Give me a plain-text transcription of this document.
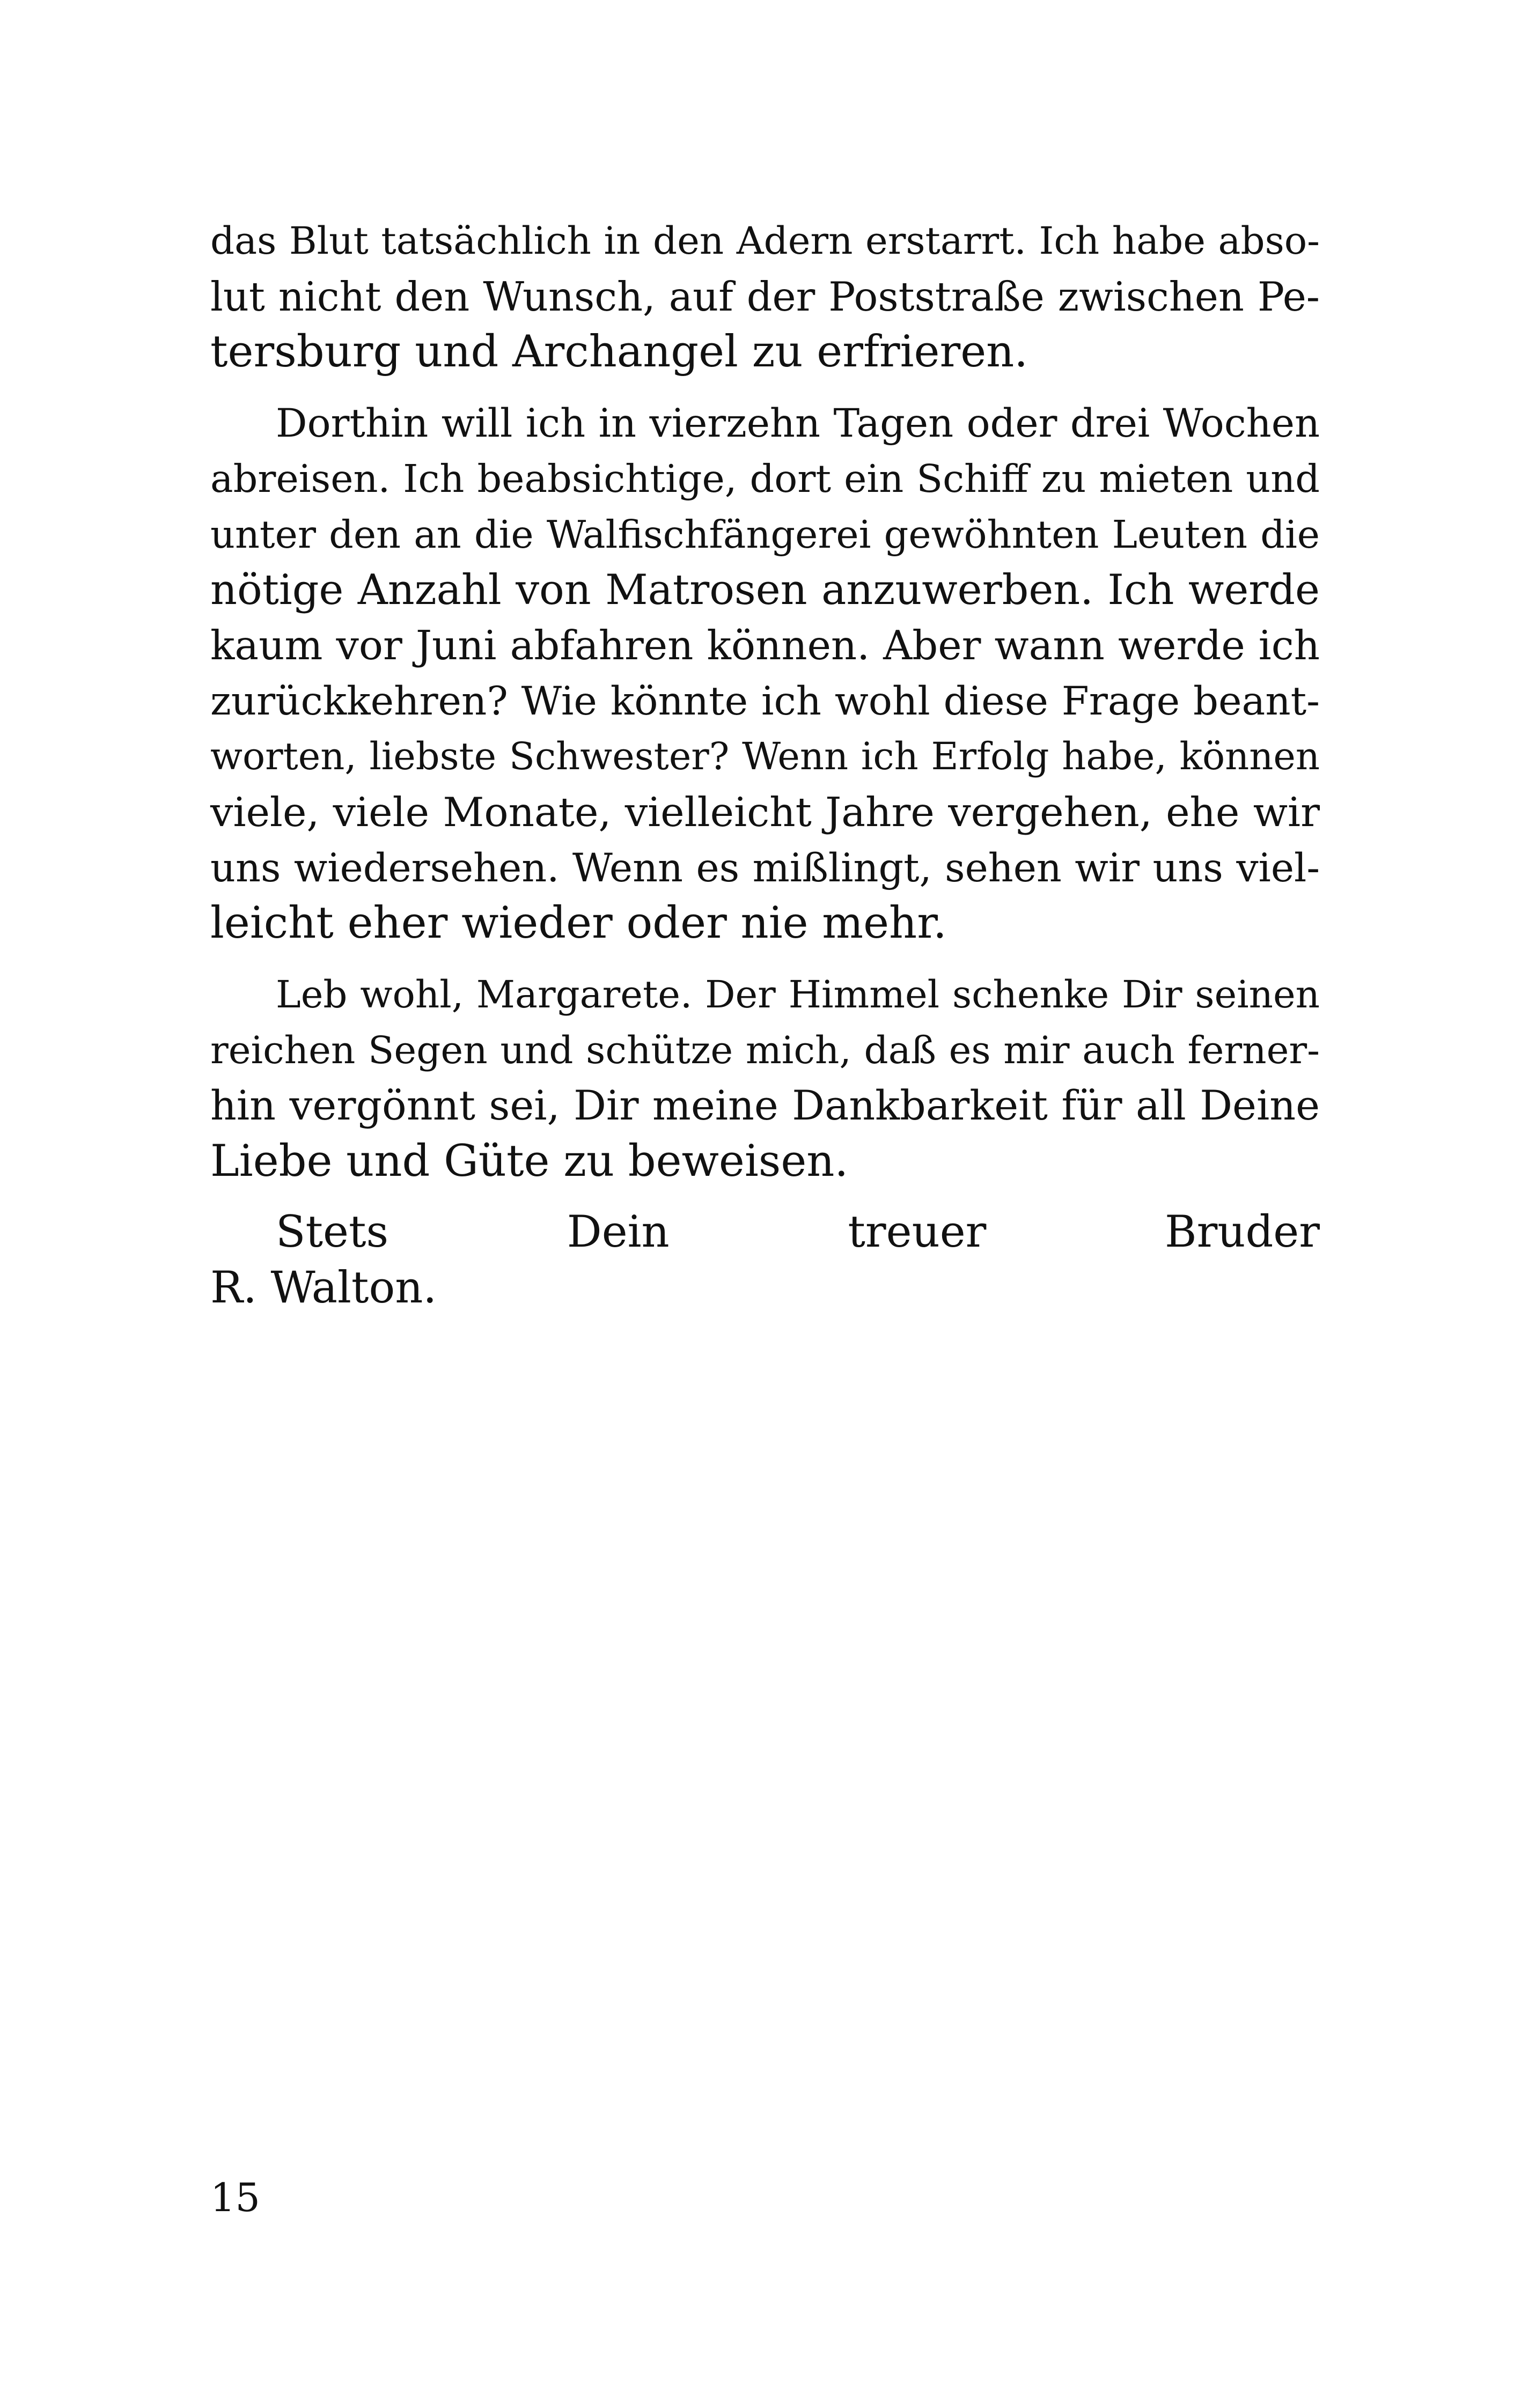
das Blut tatsächlich in den Adern erstarrt. Ich habe abso-
lut nicht den Wunsch, auf der Poststraße zwischen Pe-
tersburg und Archangel zu erfrieren.
Dorthin will ich in vierzehn Tagen oder drei Wochen
abreisen. Ich beabsichtige, dort ein Schiff zu mieten und
unter den an die Walfischfängerei gewöhnten Leuten die
nötige Anzahl von Matrosen anzuwerben. Ich werde
kaum vor Juni abfahren können. Aber wann werde ich
zurückkehren? Wie könnte ich wohl diese Frage beant-
worten, liebste Schwester? Wenn ich Erfolg habe, können
viele, viele Monate, vielleicht Jahre vergehen, ehe wir
uns wiedersehen. Wenn es mißlingt, sehen wir uns viel-
leicht eher wieder oder nie mehr.
Leb wohl, Margarete. Der Himmel schenke Dir seinen
reichen Segen und schütze mich, daß es mir auch ferner-
hin vergönnt sei, Dir meine Dankbarkeit für all Deine
Liebe und Güte zu beweisen.
Stets	Dein	treuer	Bruder
R. Walton.
15
